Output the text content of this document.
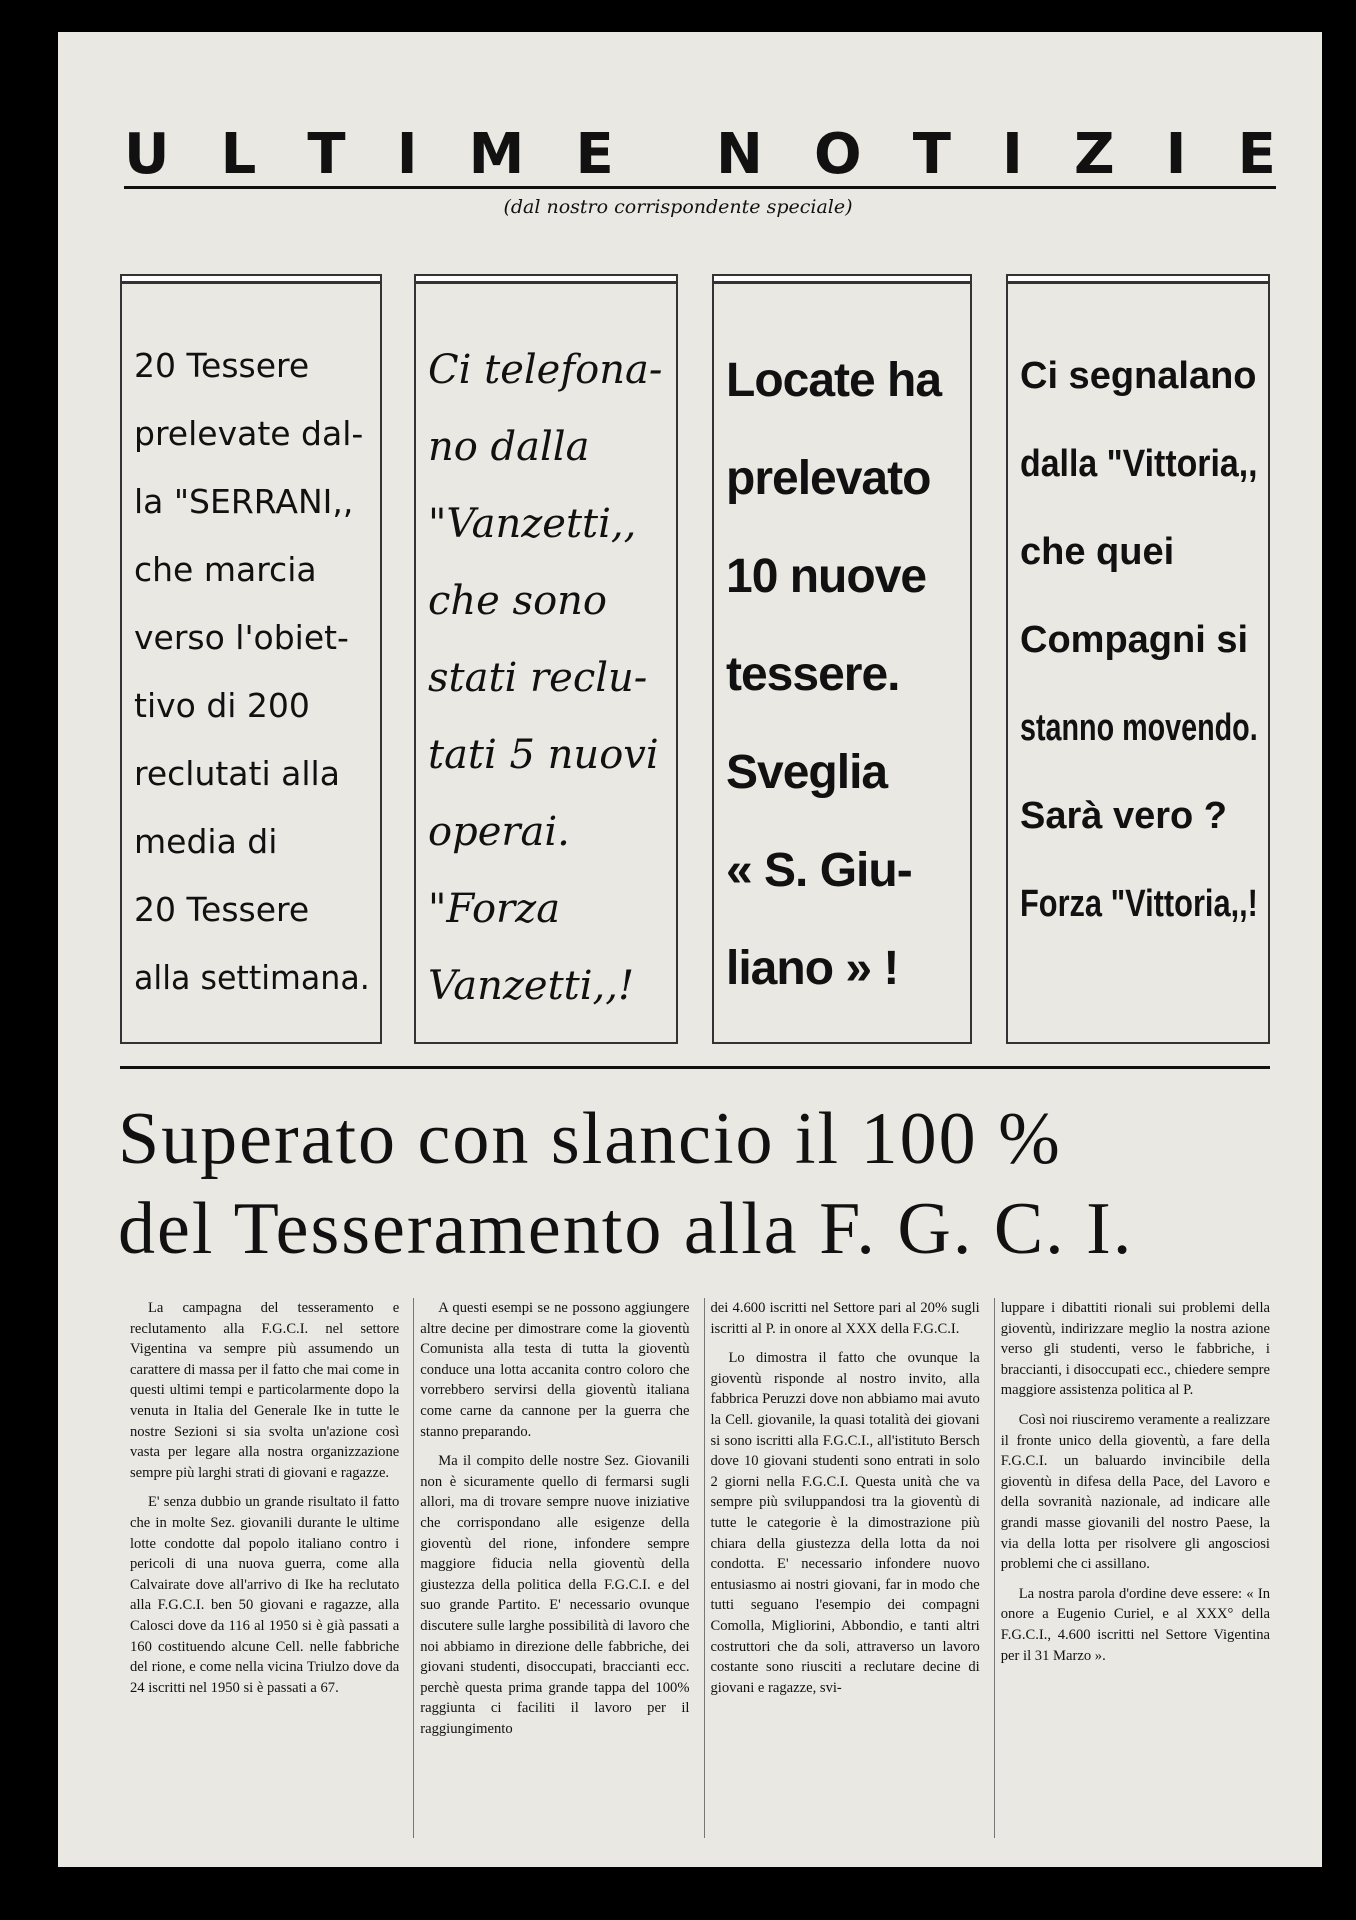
U L T I M E N O T I Z I E
(dal nostro corrispondente speciale)

20 Tessere

prelevate dal-

la "SERRANI,,

che marcia

verso l'obiet-

tivo di 200

reclutati alla

media di

20 Tessere

alla settimana.

Ci telefona-

no dalla

"Vanzetti,,

che sono

stati reclu-

tati 5 nuovi

operai.

"Forza

Vanzetti,,!

Locate ha

prelevato

10 nuove

tessere.

Sveglia

« S. Giu-

liano » !

Ci segnalano

dalla "Vittoria,,

che quei

Compagni si

stanno movendo.

Sarà vero ?

Forza "Vittoria,,!

Superato con slancio il 100 %
del Tesseramento alla F. G. C. I.

La campagna del tesseramento e reclutamento alla F.G.C.I. nel settore Vigentina va sempre più assumendo un carattere di massa per il fatto che mai come in questi ultimi tempi e particolarmente dopo la venuta in Italia del Generale Ike in tutte le nostre Sezioni si sia svolta un'azione così vasta per legare alla nostra organizzazione sempre più larghi strati di giovani e ragazze.

E' senza dubbio un grande risultato il fatto che in molte Sez. giovanili durante le ultime lotte condotte dal popolo italiano contro i pericoli di una nuova guerra, come alla Calvairate dove all'arrivo di Ike ha reclutato alla F.G.C.I. ben 50 giovani e ragazze, alla Calosci dove da 116 al 1950 si è già passati a 160 costituendo alcune Cell. nelle fabbriche del rione, e come nella vicina Triulzo dove da 24 iscritti nel 1950 si è passati a 67.

A questi esempi se ne possono aggiungere altre decine per dimostrare come la gioventù Comunista alla testa di tutta la gioventù conduce una lotta accanita contro coloro che vorrebbero servirsi della gioventù italiana come carne da cannone per la guerra che stanno preparando.

Ma il compito delle nostre Sez. Giovanili non è sicuramente quello di fermarsi sugli allori, ma di trovare sempre nuove iniziative che corrispondano alle esigenze della gioventù del rione, infondere sempre maggiore fiducia nella gioventù della giustezza della politica della F.G.C.I. e del suo grande Partito. E' necessario ovunque discutere sulle larghe possibilità di lavoro che noi abbiamo in direzione delle fabbriche, dei giovani studenti, disoccupati, braccianti ecc. perchè questa prima grande tappa del 100% raggiunta ci faciliti il lavoro per il raggiungimento

dei 4.600 iscritti nel Settore pari al 20% sugli iscritti al P. in onore al XXX della F.G.C.I.

Lo dimostra il fatto che ovunque la gioventù risponde al nostro invito, alla fabbrica Peruzzi dove non abbiamo mai avuto la Cell. giovanile, la quasi totalità dei giovani si sono iscritti alla F.G.C.I., all'istituto Bersch dove 10 giovani studenti sono entrati in solo 2 giorni nella F.G.C.I. Questa unità che va sempre più sviluppandosi tra la gioventù di tutte le categorie è la dimostrazione più chiara della giustezza della lotta da noi condotta. E' necessario infondere nuovo entusiasmo ai nostri giovani, far in modo che tutti seguano l'esempio dei compagni Comolla, Migliorini, Abbondio, e tanti altri costruttori che da soli, attraverso un lavoro costante sono riusciti a reclutare decine di giovani e ragazze, svi-

luppare i dibattiti rionali sui problemi della gioventù, indirizzare meglio la nostra azione verso gli studenti, verso le fabbriche, i braccianti, i disoccupati ecc., chiedere sempre maggiore assistenza politica al P.

Così noi riusciremo veramente a realizzare il fronte unico della gioventù, a fare della F.G.C.I. un baluardo invincibile della gioventù in difesa della Pace, del Lavoro e della sovranità nazionale, ad indicare alle grandi masse giovanili del nostro Paese, la via della lotta per risolvere gli angosciosi problemi che ci assillano.

La nostra parola d'ordine deve essere: « In onore a Eugenio Curiel, e al XXX° della F.G.C.I., 4.600 iscritti nel Settore Vigentina per il 31 Marzo ».
